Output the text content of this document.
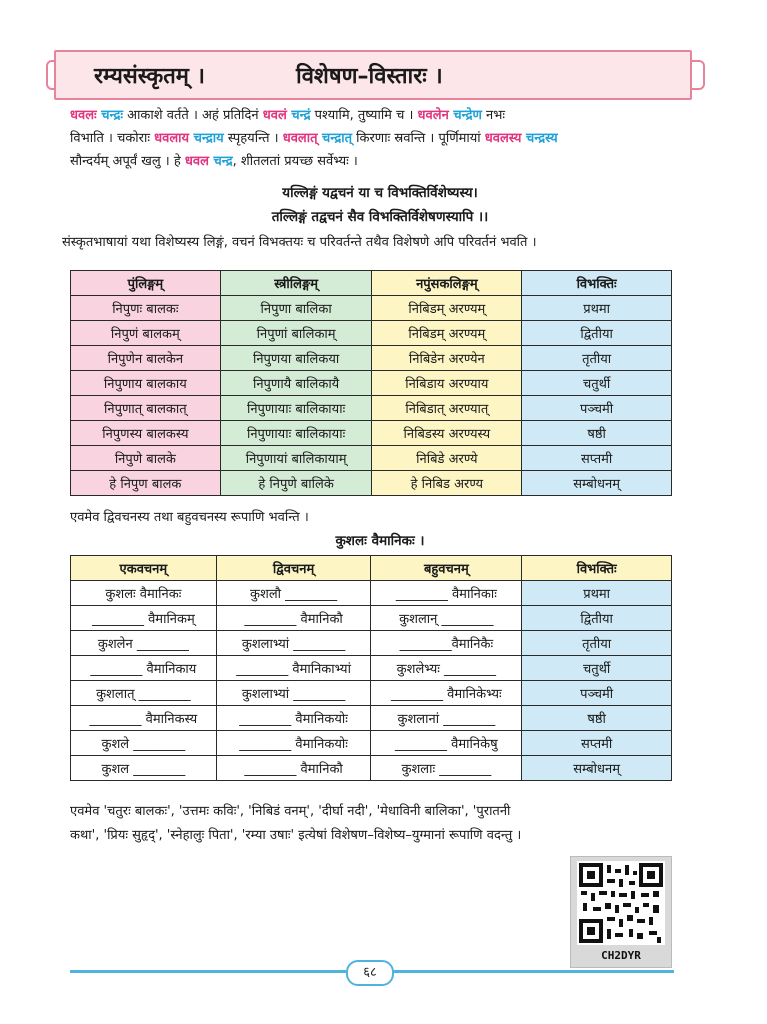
रम्यसंस्कृतम् ।	विशेषण–विस्तारः ।
धवलः चन्द्रः आकाशे वर्तते । अहं प्रतिदिनं धवलं चन्द्रं पश्यामि, तुष्यामि च । धवलेन चन्द्रेण नभः
विभाति । चकोराः धवलाय चन्द्राय स्पृहयन्ति । धवलात् चन्द्रात् किरणाः स्रवन्ति । पूर्णिमायां धवलस्य चन्द्रस्य
सौन्दर्यम् अपूर्वं खलु । हे धवल चन्द्र, शीतलतां प्रयच्छ सर्वेभ्यः ।
यल्लिङ्गं यद्वचनं या च विभक्तिर्विशेष्यस्य।
तल्लिङ्गं तद्वचनं सैव विभक्तिर्विशेषणस्यापि ।।
संस्कृतभाषायां यथा विशेष्यस्य लिङ्गं, वचनं विभक्तयः च परिवर्तन्ते तथैव विशेषणे अपि परिवर्तनं भवति ।
पुंलिङ्गम्	स्त्रीलिङ्गम्	नपुंसकलिङ्गम्	विभक्तिः
निपुणः बालकः	निपुणा बालिका	निबिडम् अरण्यम्	प्रथमा
निपुणं बालकम्	निपुणां बालिकाम्	निबिडम् अरण्यम्	द्वितीया
निपुणेन बालकेन	निपुणया बालिकया	निबिडेन अरण्येन	तृतीया
निपुणाय बालकाय	निपुणायै बालिकायै	निबिडाय अरण्याय	चतुर्थी
निपुणात् बालकात्	निपुणायाः बालिकायाः	निबिडात् अरण्यात्	पञ्चमी
निपुणस्य बालकस्य	निपुणायाः बालिकायाः	निबिडस्य अरण्यस्य	षष्ठी
निपुणे बालके	निपुणायां बालिकायाम्	निबिडे अरण्ये	सप्तमी
हे निपुण बालक	हे निपुणे बालिके	हे निबिड अरण्य	सम्बोधनम्
एवमेव द्विवचनस्य तथा बहुवचनस्य रूपाणि भवन्ति ।
कुशलः वैमानिकः ।
एकवचनम्	द्विवचनम्	बहुवचनम्	विभक्तिः
कुशलः वैमानिकः	कुशलौ ________	________ वैमानिकाः	प्रथमा
________ वैमानिकम्	________ वैमानिकौ	कुशलान् ________	द्वितीया
कुशलेन ________	कुशलाभ्यां ________	________वैमानिकैः	तृतीया
________ वैमानिकाय	________ वैमानिकाभ्यां	कुशलेभ्यः ________	चतुर्थी
कुशलात् ________	कुशलाभ्यां ________	________ वैमानिकेभ्यः	पञ्चमी
________ वैमानिकस्य	________ वैमानिकयोः	कुशलानां ________	षष्ठी
कुशले ________	________ वैमानिकयोः	________ वैमानिकेषु	सप्तमी
कुशल ________	________ वैमानिकौ	कुशलाः ________	सम्बोधनम्
एवमेव 'चतुरः बालकः', 'उत्तमः कविः', 'निबिडं वनम्', 'दीर्घा नदी', 'मेधाविनी बालिका', 'पुरातनी
कथा', 'प्रियः सुहृद्', 'स्नेहालुः पिता', 'रम्या उषाः' इत्येषां विशेषण–विशेष्य–युग्मानां रूपाणि वदन्तु ।
CH2DYR
६८
